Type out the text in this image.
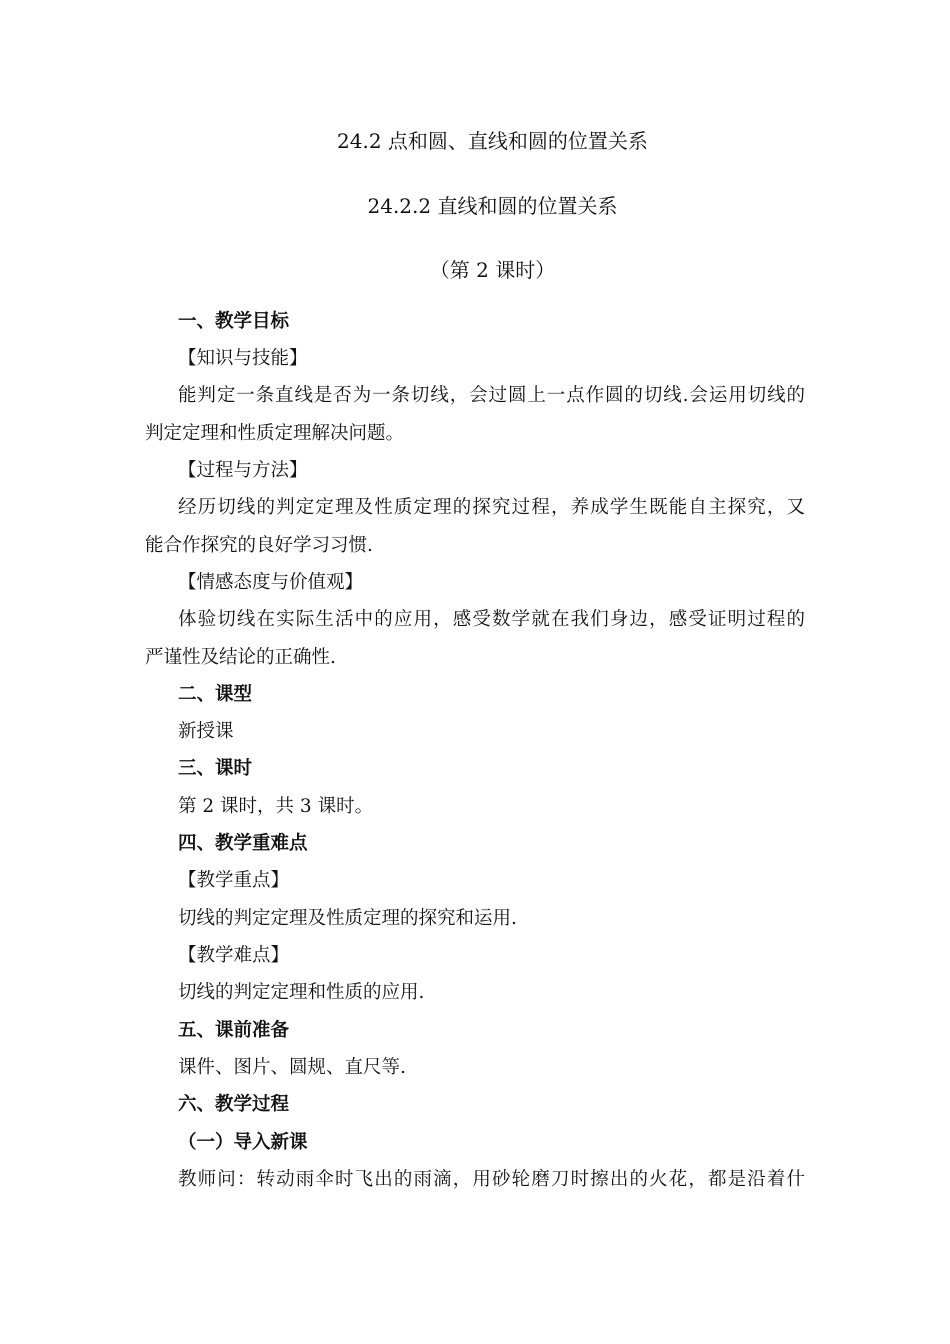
24.2 点和圆、直线和圆的位置关系
24.2.2 直线和圆的位置关系
（第 2 课时）
一、教学目标
【知识与技能】
能判定一条直线是否为一条切线，会过圆上一点作圆的切线.会运用切线的
判定定理和性质定理解决问题。
【过程与方法】
经历切线的判定定理及性质定理的探究过程，养成学生既能自主探究，又
能合作探究的良好学习习惯.
【情感态度与价值观】
体验切线在实际生活中的应用，感受数学就在我们身边，感受证明过程的
严谨性及结论的正确性.
二、课型
新授课
三、课时
第 2 课时，共 3 课时。
四、教学重难点
【教学重点】
切线的判定定理及性质定理的探究和运用.
【教学难点】
切线的判定定理和性质的应用.
五、课前准备
课件、图片、圆规、直尺等.
六、教学过程
（一）导入新课
教师问：转动雨伞时飞出的雨滴，用砂轮磨刀时擦出的火花，都是沿着什
